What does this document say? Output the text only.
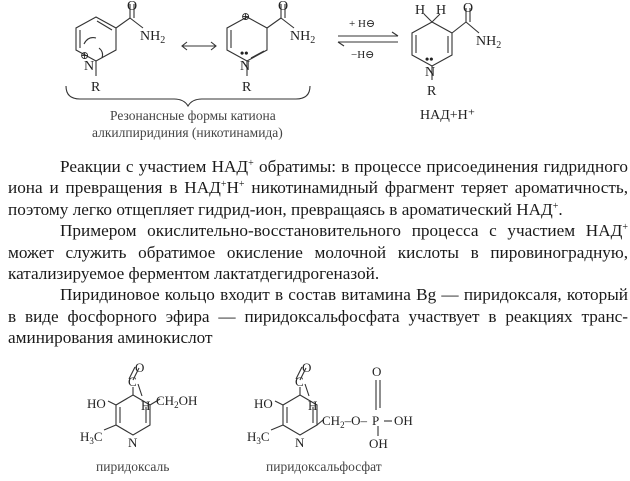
O
$NH_2$
N
⊕
R
⊕
O
$NH_2$
••
N
R
+ H⊖
−H⊖
H H O
$NH_2$
••
N
R
НАД+Н⁺
Резонансные формы катиона
алкилпиридиния (никотинамида)

Реакции с участием НАД+ обратимы: в процессе присоединения гидридного иона и превращения в НАД+Н+ никотинамидный фрагмент теряет ароматичность, поэтому легко отщепляет гидрид-ион, превращаясь в ароматический НАД+.

Примером окислительно-восстановительного процесса с участием НАД+ может служить обратимое окисление молочной кислоты в пировиноградную, катализируемое ферментом лактатдегидрогеназой.

Пиридиновое кольцо входит в состав витамина Bg — пиридоксаля, который в виде фосфорного эфира — пиридоксальфосфата участвует в реакциях транс- аминирования аминокислот

O
C
H
HO	$CH_2OH$
$H_3C$ N
пиридоксаль
O
C
H
HO
$CH_2-O-$
O
P OH
OH
$H_3C$ N
пиридоксальфосфат
